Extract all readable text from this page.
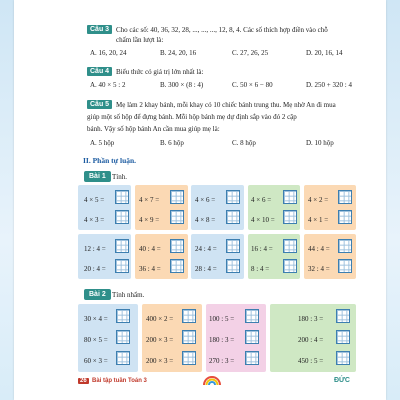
Câu 3 Cho các số: 40, 36, 32, 28, ..., ..., ..., 12, 8, 4. Các số thích hợp điền vào chỗ
chấm lần lượt là:
A. 16, 20, 24	B. 24, 20, 16	C. 27, 26, 25	D. 20, 16, 14
Câu 4 Biểu thức có giá trị lớn nhất là:
A. 40 × 5 : 2	B. 300 × (8 : 4)	C. 50 × 6 − 80	D. 250 + 320 : 4
Câu 5 Mẹ làm 2 khay bánh, mỗi khay có 10 chiếc bánh trung thu. Mẹ nhờ An đi mua
giúp một số hộp để đựng bánh. Mỗi hộp bánh mẹ dự định sắp vào đó 2 cặp
bánh. Vậy số hộp bánh An cần mua giúp mẹ là:
A. 5 hộp	B. 6 hộp	C. 8 hộp	D. 10 hộp
II. Phần tự luận.
Bài 1 Tính.
4 × 5 =
4 × 3 =
4 × 7 =
4 × 9 =
4 × 6 =
4 × 8 =
4 × 6 =
4 × 10 =
4 × 2 =
4 × 1 =
12 : 4 =
20 : 4 =
40 : 4 =
36 : 4 =
24 : 4 =
28 : 4 =
16 : 4 =
8 : 4 =
44 : 4 =
32 : 4 =
Bài 2 Tính nhẩm.
30 × 4 =
80 × 5 =
60 × 3 =
400 × 2 =
200 × 3 =
200 × 3 =
100 : 5 =
180 : 3 =
270 : 3 =
180 : 3 =
200 : 4 =
450 : 5 =
26 Bài tập tuần Toán 3	ĐỨC
